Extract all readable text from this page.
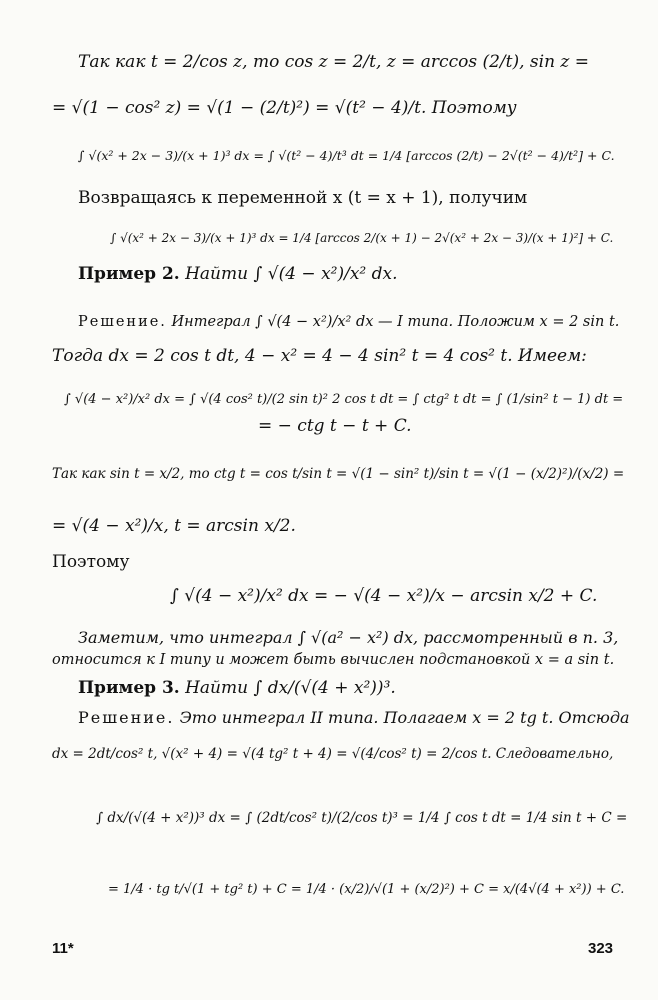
Так как t = 2/cos z, то cos z = 2/t, z = arccos (2/t), sin z =
= √(1 − cos² z) = √(1 − (2/t)²) = √(t² − 4)/t. Поэтому
∫ √(x² + 2x − 3)/(x + 1)³ dx = ∫ √(t² − 4)/t³ dt = 1/4 [arccos (2/t) − 2√(t² − 4)/t²] + C.
Возвращаясь к переменной x (t = x + 1), получим
∫ √(x² + 2x − 3)/(x + 1)³ dx = 1/4 [arccos 2/(x + 1) − 2√(x² + 2x − 3)/(x + 1)²] + C.
Пример 2. Найти ∫ √(4 − x²)/x² dx.
Решение. Интеграл ∫ √(4 − x²)/x² dx — I типа. Положим x = 2 sin t.
Тогда dx = 2 cos t dt, 4 − x² = 4 − 4 sin² t = 4 cos² t. Имеем:
∫ √(4 − x²)/x² dx = ∫ √(4 cos² t)/(2 sin t)² 2 cos t dt = ∫ ctg² t dt = ∫ (1/sin² t − 1) dt =
= − ctg t − t + C.
Так как sin t = x/2, то ctg t = cos t/sin t = √(1 − sin² t)/sin t = √(1 − (x/2)²)/(x/2) =
= √(4 − x²)/x, t = arcsin x/2.
Поэтому
∫ √(4 − x²)/x² dx = − √(4 − x²)/x − arcsin x/2 + C.
Заметим, что интеграл ∫ √(a² − x²) dx, рассмотренный в п. 3,
относится к I типу и может быть вычислен подстановкой x = a sin t.
Пример 3. Найти ∫ dx/(√(4 + x²))³.
Решение. Это интеграл II типа. Полагаем x = 2 tg t. Отсюда
dx = 2dt/cos² t, √(x² + 4) = √(4 tg² t + 4) = √(4/cos² t) = 2/cos t. Следовательно,
∫ dx/(√(4 + x²))³ dx = ∫ (2dt/cos² t)/(2/cos t)³ = 1/4 ∫ cos t dt = 1/4 sin t + C =
= 1/4 · tg t/√(1 + tg² t) + C = 1/4 · (x/2)/√(1 + (x/2)²) + C = x/(4√(4 + x²)) + C.
11*	323
